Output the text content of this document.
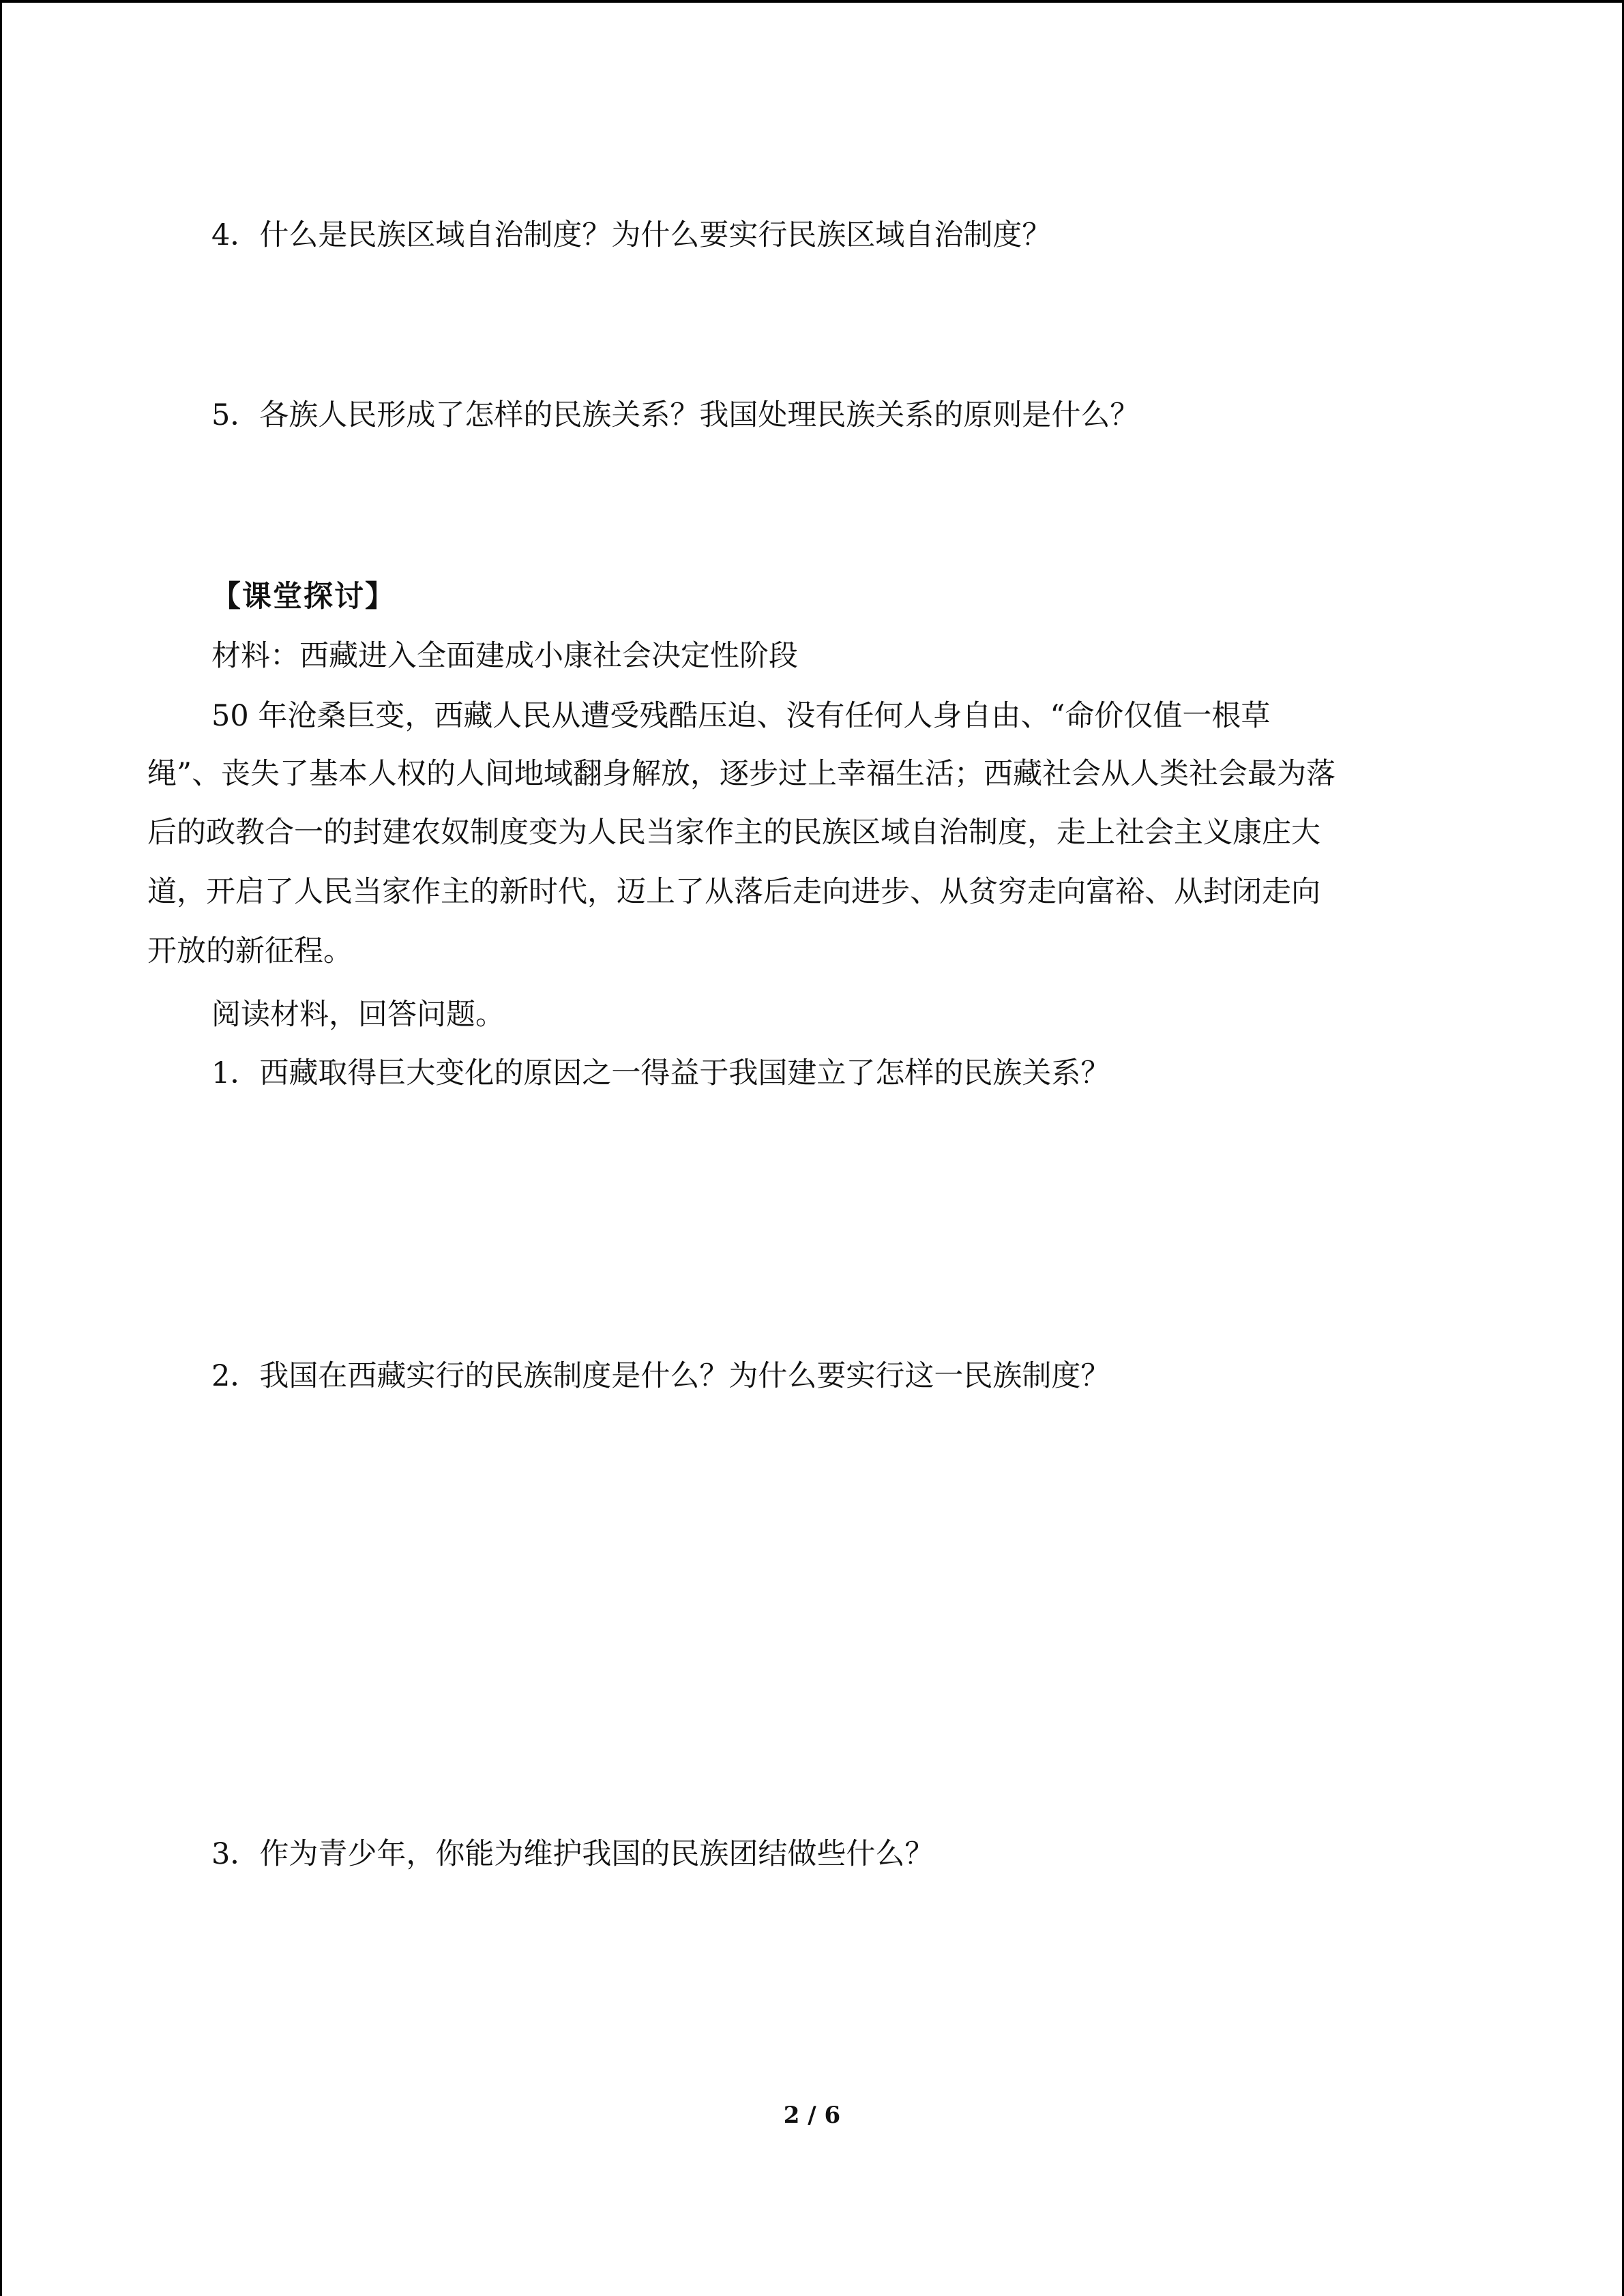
4．什么是民族区域自治制度？为什么要实行民族区域自治制度？
5．各族人民形成了怎样的民族关系？我国处理民族关系的原则是什么？
【课堂探讨】
材料：西藏进入全面建成小康社会决定性阶段
50 年沧桑巨变，西藏人民从遭受残酷压迫、没有任何人身自由、“命价仅值一根草
绳”、丧失了基本人权的人间地域翻身解放，逐步过上幸福生活；西藏社会从人类社会最为落
后的政教合一的封建农奴制度变为人民当家作主的民族区域自治制度，走上社会主义康庄大
道，开启了人民当家作主的新时代，迈上了从落后走向进步、从贫穷走向富裕、从封闭走向
开放的新征程。
阅读材料，回答问题。
1．西藏取得巨大变化的原因之一得益于我国建立了怎样的民族关系？
2．我国在西藏实行的民族制度是什么？为什么要实行这一民族制度？
3．作为青少年，你能为维护我国的民族团结做些什么？
2 / 6
